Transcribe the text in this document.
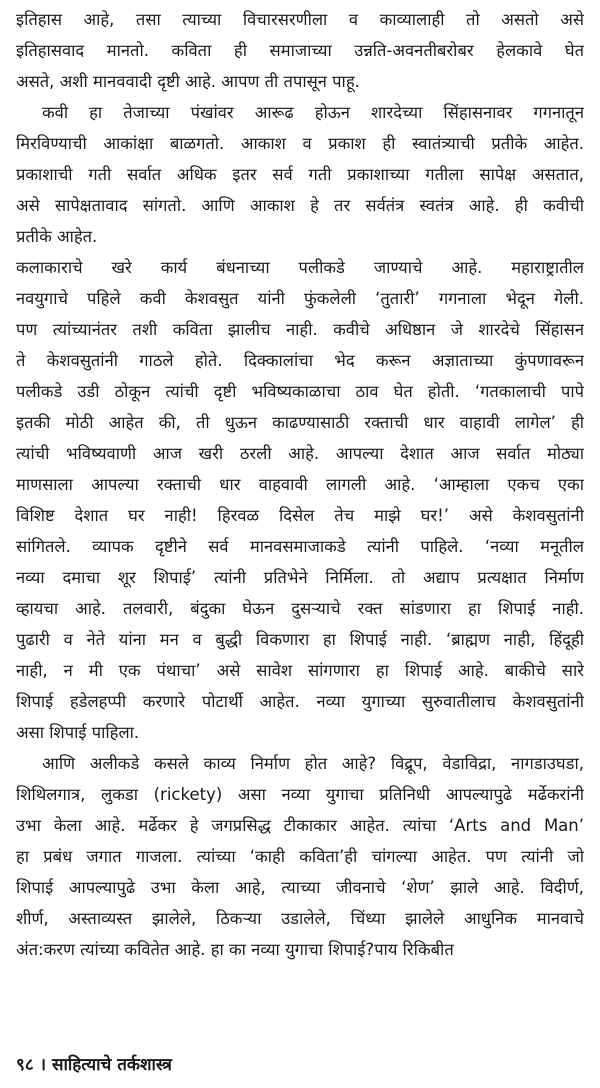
इतिहास आहे, तसा त्याच्या विचारसरणीला व काव्यालाही तो असतो असे

इतिहासवाद मानतो. कविता ही समाजाच्या उन्नति-अवनतीबरोबर हेलकावे घेत

असते, अशी मानववादी दृष्टी आहे. आपण ती तपासून पाहू.

कवी हा तेजाच्या पंखांवर आरूढ होऊन शारदेच्या सिंहासनावर गगनातून

मिरविण्याची आकांक्षा बाळगतो. आकाश व प्रकाश ही स्वातंत्र्याची प्रतीके आहेत.

प्रकाशाची गती सर्वात अधिक इतर सर्व गती प्रकाशाच्या गतीला सापेक्ष असतात,

असे सापेक्षतावाद सांगतो. आणि आकाश हे तर सर्वतंत्र स्वतंत्र आहे. ही कवीची

प्रतीके आहेत.

कलाकाराचे खरे कार्य बंधनाच्या पलीकडे जाण्याचे आहे. महाराष्ट्रातील

नवयुगाचे पहिले कवी केशवसुत यांनी फुंकलेली ‘तुतारी’ गगनाला भेदून गेली.

पण त्यांच्यानंतर तशी कविता झालीच नाही. कवीचे अधिष्ठान जे शारदेचे सिंहासन

ते केशवसुतांनी गाठले होते. दिक्कालांचा भेद करून अज्ञाताच्या कुंपणावरून

पलीकडे उडी ठोकून त्यांची दृष्टी भविष्यकाळाचा ठाव घेत होती. ‘गतकालाची पापे

इतकी मोठी आहेत की, ती धुऊन काढण्यासाठी रक्ताची धार वाहावी लागेल’ ही

त्यांची भविष्यवाणी आज खरी ठरली आहे. आपल्या देशात आज सर्वात मोठ्या

माणसाला आपल्या रक्ताची धार वाहवावी लागली आहे. ‘आम्हाला एकच एका

विशिष्ट देशात घर नाही! हिरवळ दिसेल तेच माझे घर!’ असे केशवसुतांनी

सांगितले. व्यापक दृष्टीने सर्व मानवसमाजाकडे त्यांनी पाहिले. ‘नव्या मनूतील

नव्या दमाचा शूर शिपाई’ त्यांनी प्रतिभेने निर्मिला. तो अद्याप प्रत्यक्षात निर्माण

व्हायचा आहे. तलवारी, बंदुका घेऊन दुसऱ्याचे रक्त सांडणारा हा शिपाई नाही.

पुढारी व नेते यांना मन व बुद्धी विकणारा हा शिपाई नाही. ‘ब्राह्मण नाही, हिंदूही

नाही, न मी एक पंथाचा’ असे सावेश सांगणारा हा शिपाई आहे. बाकीचे सारे

शिपाई हडेलहप्पी करणारे पोटार्थी आहेत. नव्या युगाच्या सुरुवातीलाच केशवसुतांनी

असा शिपाई पाहिला.

आणि अलीकडे कसले काव्य निर्माण होत आहे? विद्रूप, वेडाविद्रा, नागडाउघडा,

शिथिलगात्र, लुकडा (rickety) असा नव्या युगाचा प्रतिनिधी आपल्यापुढे मर्ढेकरांनी

उभा केला आहे. मर्ढेकर हे जगप्रसिद्ध टीकाकार आहेत. त्यांचा ‘Arts and Man’

हा प्रबंध जगात गाजला. त्यांच्या ‘काही कविता’ही चांगल्या आहेत. पण त्यांनी जो

शिपाई आपल्यापुढे उभा केला आहे, त्याच्या जीवनाचे ‘शेण’ झाले आहे. विदीर्ण,

शीर्ण, अस्ताव्यस्त झालेले, ठिकऱ्या उडालेले, चिंध्या झालेले आधुनिक मानवाचे

अंत:करण त्यांच्या कवितेत आहे. हा का नव्या युगाचा शिपाई?पाय रिकिबीत

९८ । साहित्याचे तर्कशास्त्र
